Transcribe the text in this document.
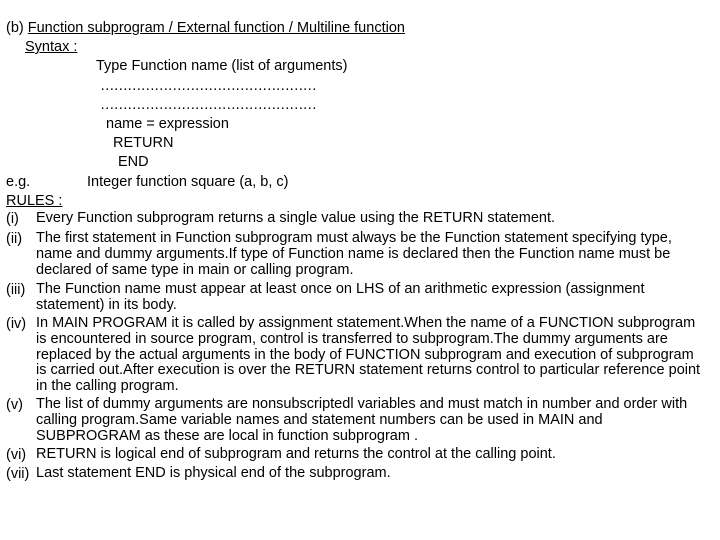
(b) Function subprogram / External function / Multiline function
Syntax :
Type Function name (list of arguments)
…………………………………………
…………………………………………
name = expression
RETURN
END
e.g.	Integer function square (a, b, c)
RULES :
(i) Every Function subprogram returns a single value using the RETURN statement.
(ii) The first statement in Function subprogram must always be the Function statement specifying type, name and dummy arguments.If type of Function name is declared then the Function name must be declared of same type in main or calling program.
(iii) The Function name must appear at least once on LHS of an arithmetic expression (assignment statement) in its body.
(iv) In MAIN PROGRAM it is called by assignment statement.When the name of a FUNCTION subprogram is encountered in source program, control is transferred to subprogram.The dummy arguments are replaced by the actual arguments in the body of FUNCTION subprogram and execution of subprogram is carried out.After execution is over the RETURN statement returns control to particular reference point in the calling program.
(v) The list of dummy arguments are nonsubscriptedl variables and must match in number and order with calling program.Same variable names and statement numbers can be used in MAIN and SUBPROGRAM as these are local in function subprogram .
(vi) RETURN is logical end of subprogram and returns the control at the calling point.
(vii) Last statement END is physical end of the subprogram.
